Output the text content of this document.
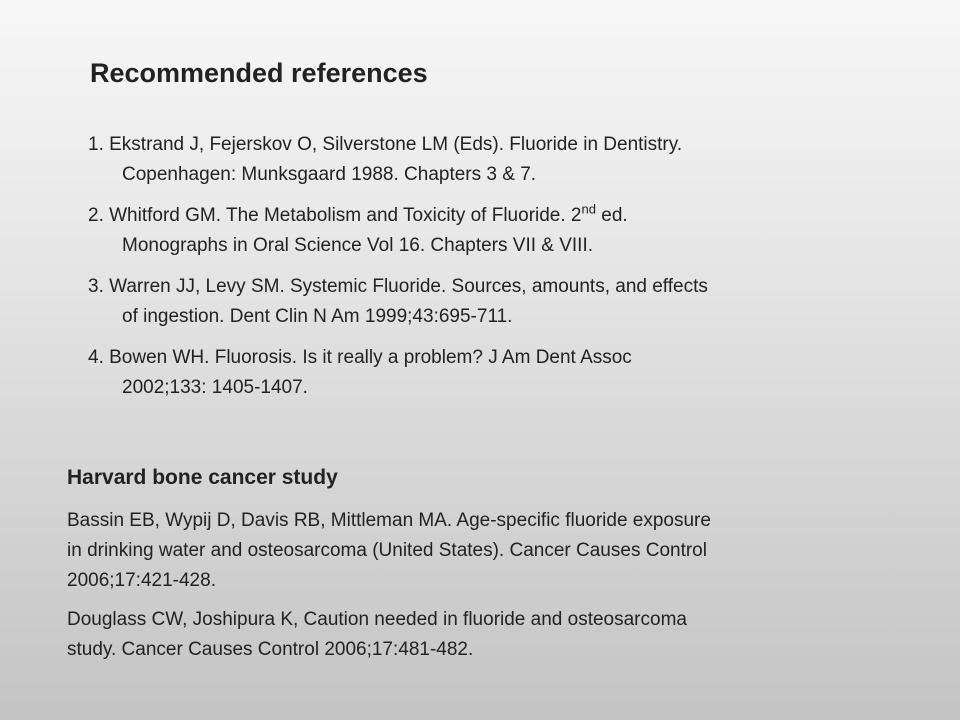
Recommended references
1. Ekstrand J, Fejerskov O, Silverstone LM (Eds). Fluoride in Dentistry.
Copenhagen: Munksgaard 1988. Chapters 3 & 7.
2. Whitford GM. The Metabolism and Toxicity of Fluoride. 2nd ed.
Monographs in Oral Science Vol 16. Chapters VII & VIII.
3. Warren JJ, Levy SM. Systemic Fluoride. Sources, amounts, and effects
of ingestion. Dent Clin N Am 1999;43:695-711.
4. Bowen WH. Fluorosis. Is it really a problem? J Am Dent Assoc
2002;133: 1405-1407.
Harvard bone cancer study
Bassin EB, Wypij D, Davis RB, Mittleman MA. Age-specific fluoride exposure
in drinking water and osteosarcoma (United States). Cancer Causes Control
2006;17:421-428.
Douglass CW, Joshipura K, Caution needed in fluoride and osteosarcoma
study. Cancer Causes Control 2006;17:481-482.
